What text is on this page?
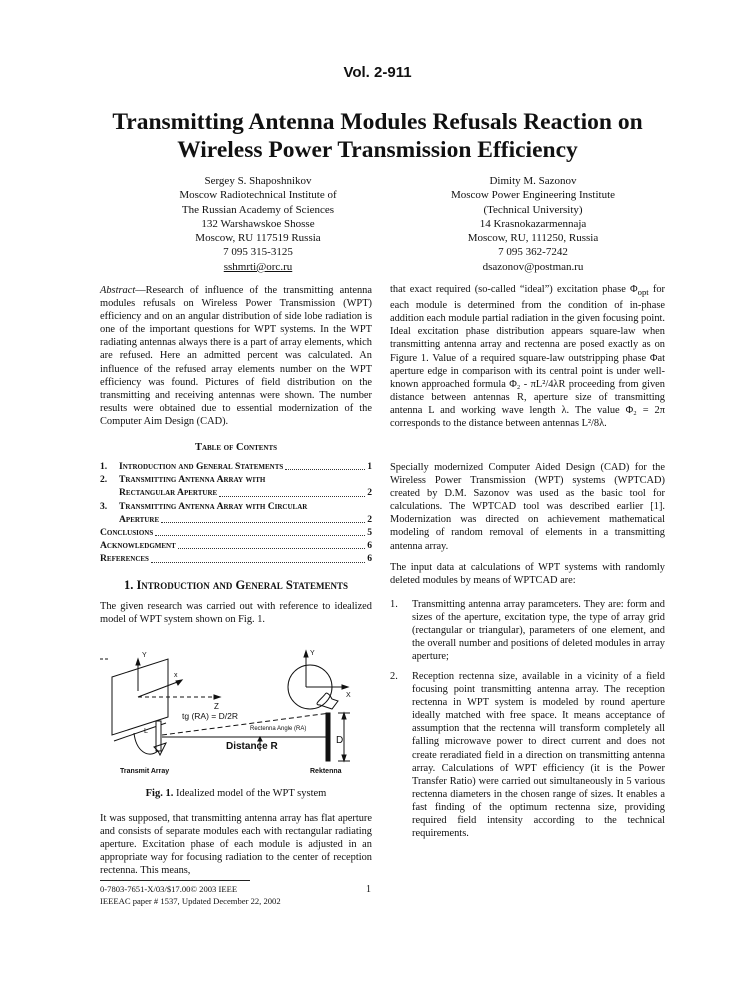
Vol. 2-911
Transmitting Antenna Modules Refusals Reaction on
Wireless Power Transmission Efficiency
Sergey S. Shaposhnikov
Moscow Radiotechnical Institute of
The Russian Academy of Sciences
132 Warshawskoe Shosse
Moscow, RU 117519 Russia
7 095 315-3125
sshmrti@orc.ru
Dimity M. Sazonov
Moscow Power Engineering Institute
(Technical University)
14 Krasnokazarmennaja
Moscow, RU, 111250, Russia
7 095 362-7242
dsazonov@postman.ru
Abstract—Research of influence of the transmitting antenna modules refusals on Wireless Power Transmission (WPT) efficiency and on an angular distribution of side lobe radiation is one of the important questions for WPT systems. In the WPT radiating antennas always there is a part of array elements, which are refused. Here an admitted percent was calculated. An influence of the refused array elements number on the WPT efficiency was found. Pictures of field distribution on the transmitting and receiving antennas were shown. The number results were obtained due to essential modernization of the Computer Aim Design (CAD).
Table of Contents
1.	Introduction and General Statements	1
2.	Transmitting Antenna Array with
Rectangular Aperture	2
3.	Transmitting Antenna Array with Circular
Aperture	2
Conclusions	5
Acknowledgment	6
References	6
1. Introduction and General Statements
The given research was carried out with reference to idealized model of WPT system shown on Fig. 1.
Y
x
Z
L
tg (RA) = D/2R
Rectenna Angle (RA)
Distance R
D
Y
X
Transmit Array	Rektenna
Fig. 1. Idealized model of the WPT system
It was supposed, that transmitting antenna array has flat aperture and consists of separate modules each with rectangular radiating aperture. Excitation phase of each module is adjusted in an appropriate way for focusing radiation to the center of reception rectenna. This means,
0-7803-7651-X/03/$17.00© 2003 IEEE	1
IEEEAC paper # 1537, Updated December 22, 2002
that exact required (so-called “ideal”) excitation phase $\Phi_{opt}$ for each module is determined from the condition of in-phase addition each module partial radiation in the given focusing point. Ideal excitation phase distribution appears square-law when transmitting antenna array and rectenna are posed exactly as on Figure 1. Value of a required square-law outstripping phase Φat aperture edge in comparison with its central point is under well-known approached formula Φ₂ - πL²/4λR proceeding from given distance between antennas R, aperture size of transmitting antenna L and working wave length λ. The value Φ₂ = 2π corresponds to the distance between antennas L²/8λ.
Specially modernized Computer Aided Design (CAD) for the Wireless Power Transmission (WPT) systems (WPTCAD) created by D.M. Sazonov was used as the basic tool for calculations. The WPTCAD tool was described earlier [1]. Modernization was directed on achievement mathematical modeling of random removal of elements in a transmitting antenna array.
The input data at calculations of WPT systems with randomly deleted modules by means of WPTCAD are:
1.	Transmitting antenna array paramceters. They are: form and sizes of the aperture, excitation type, the type of array grid (rectangular or triangular), parameters of one element, and the overall number and positions of deleted modules in array aperture;
2.	Reception rectenna size, available in a vicinity of a field focusing point transmitting antenna array. The reception rectenna in WPT system is modeled by round aperture ideally matched with free space. It means acceptance of assumption that the rectenna will transform completely all falling microwave power to direct current and does not create reradiated field in a direction on transmitting antenna array. Calculations of WPT efficiency (it is the Power Transfer Ratio) were carried out simultaneously in 5 various rectenna diameters in the chosen range of sizes. It enables a fast finding of the optimum rectenna size, providing required field intensity according to the technical requirements.
